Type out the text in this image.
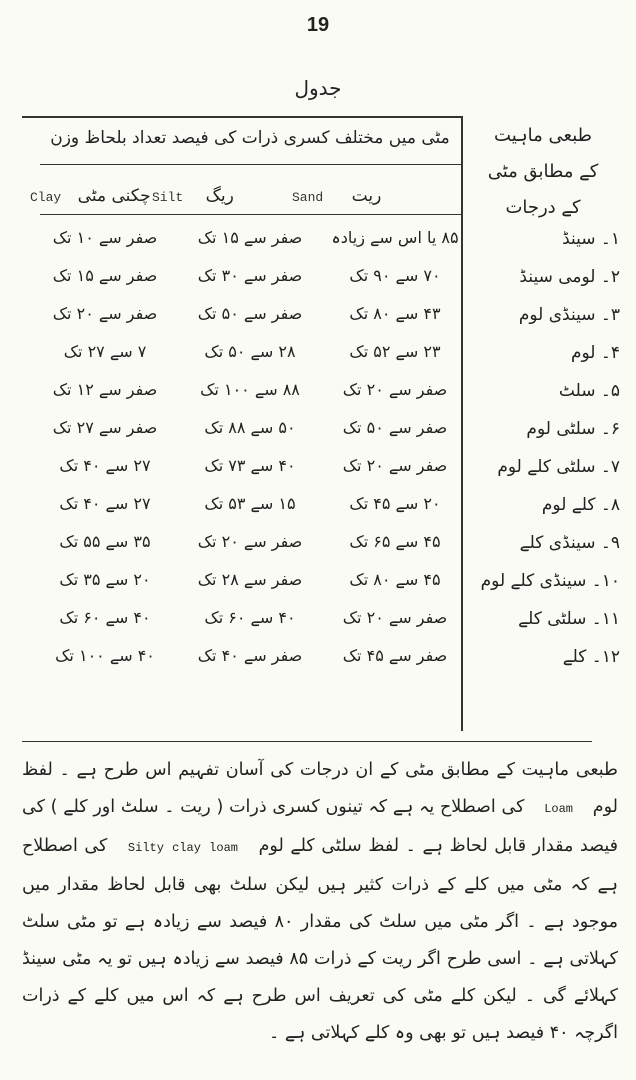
19
جدول
مٹی میں مختلف کسری ذرات کی فیصد تعداد بلحاظ وزن	طبعی ماہیت
کے مطابق مٹی
کے درجات
Clay چکنی مٹی Silt ریگ	Sand ریت
۱۔ سینڈ
۸۵ یا اس سے زیادہ
صفر سے ۱۵ تک
صفر سے ۱۰ تک
۲۔ لومی سینڈ
۷۰ سے ۹۰ تک
صفر سے ۳۰ تک
صفر سے ۱۵ تک
۳۔ سینڈی لوم
۴۳ سے ۸۰ تک
صفر سے ۵۰ تک
صفر سے ۲۰ تک
۴۔ لوم
۲۳ سے ۵۲ تک
۲۸ سے ۵۰ تک
۷ سے ۲۷ تک
۵۔ سلٹ
صفر سے ۲۰ تک
۸۸ سے ۱۰۰ تک
صفر سے ۱۲ تک
۶۔ سلٹی لوم
صفر سے ۵۰ تک
۵۰ سے ۸۸ تک
صفر سے ۲۷ تک
۷۔ سلٹی کلے لوم
صفر سے ۲۰ تک
۴۰ سے ۷۳ تک
۲۷ سے ۴۰ تک
۸۔ کلے لوم
۲۰ سے ۴۵ تک
۱۵ سے ۵۳ تک
۲۷ سے ۴۰ تک
۹۔ سینڈی کلے
۴۵ سے ۶۵ تک
صفر سے ۲۰ تک
۳۵ سے ۵۵ تک
۱۰۔ سینڈی کلے لوم
۴۵ سے ۸۰ تک
صفر سے ۲۸ تک
۲۰ سے ۳۵ تک
۱۱۔ سلٹی کلے
صفر سے ۲۰ تک
۴۰ سے ۶۰ تک
۴۰ سے ۶۰ تک
۱۲۔ کلے
صفر سے ۴۵ تک
صفر سے ۴۰ تک
۴۰ سے ۱۰۰ تک
طبعی ماہیت کے مطابق مٹی کے ان درجات کی آسان تفہیم اس طرح ہے ۔ لفظ لوم Loam کی اصطلاح یہ ہے کہ تینوں کسری ذرات ( ریت ۔ سلٹ اور کلے ) کی فیصد مقدار قابل لحاظ ہے ۔ لفظ سلٹی کلے لوم Silty clay loam کی اصطلاح ہے کہ مٹی میں کلے کے ذرات کثیر ہیں لیکن سلٹ بھی قابل لحاظ مقدار میں موجود ہے ۔ اگر مٹی میں سلٹ کی مقدار ۸۰ فیصد سے زیادہ ہے تو مٹی سلٹ کہلاتی ہے ۔ اسی طرح اگر ریت کے ذرات ۸۵ فیصد سے زیادہ ہیں تو یہ مٹی سینڈ کہلائے گی ۔ لیکن کلے مٹی کی تعریف اس طرح ہے کہ اس میں کلے کے ذرات اگرچہ ۴۰ فیصد ہیں تو بھی وہ کلے کہلاتی ہے ۔
